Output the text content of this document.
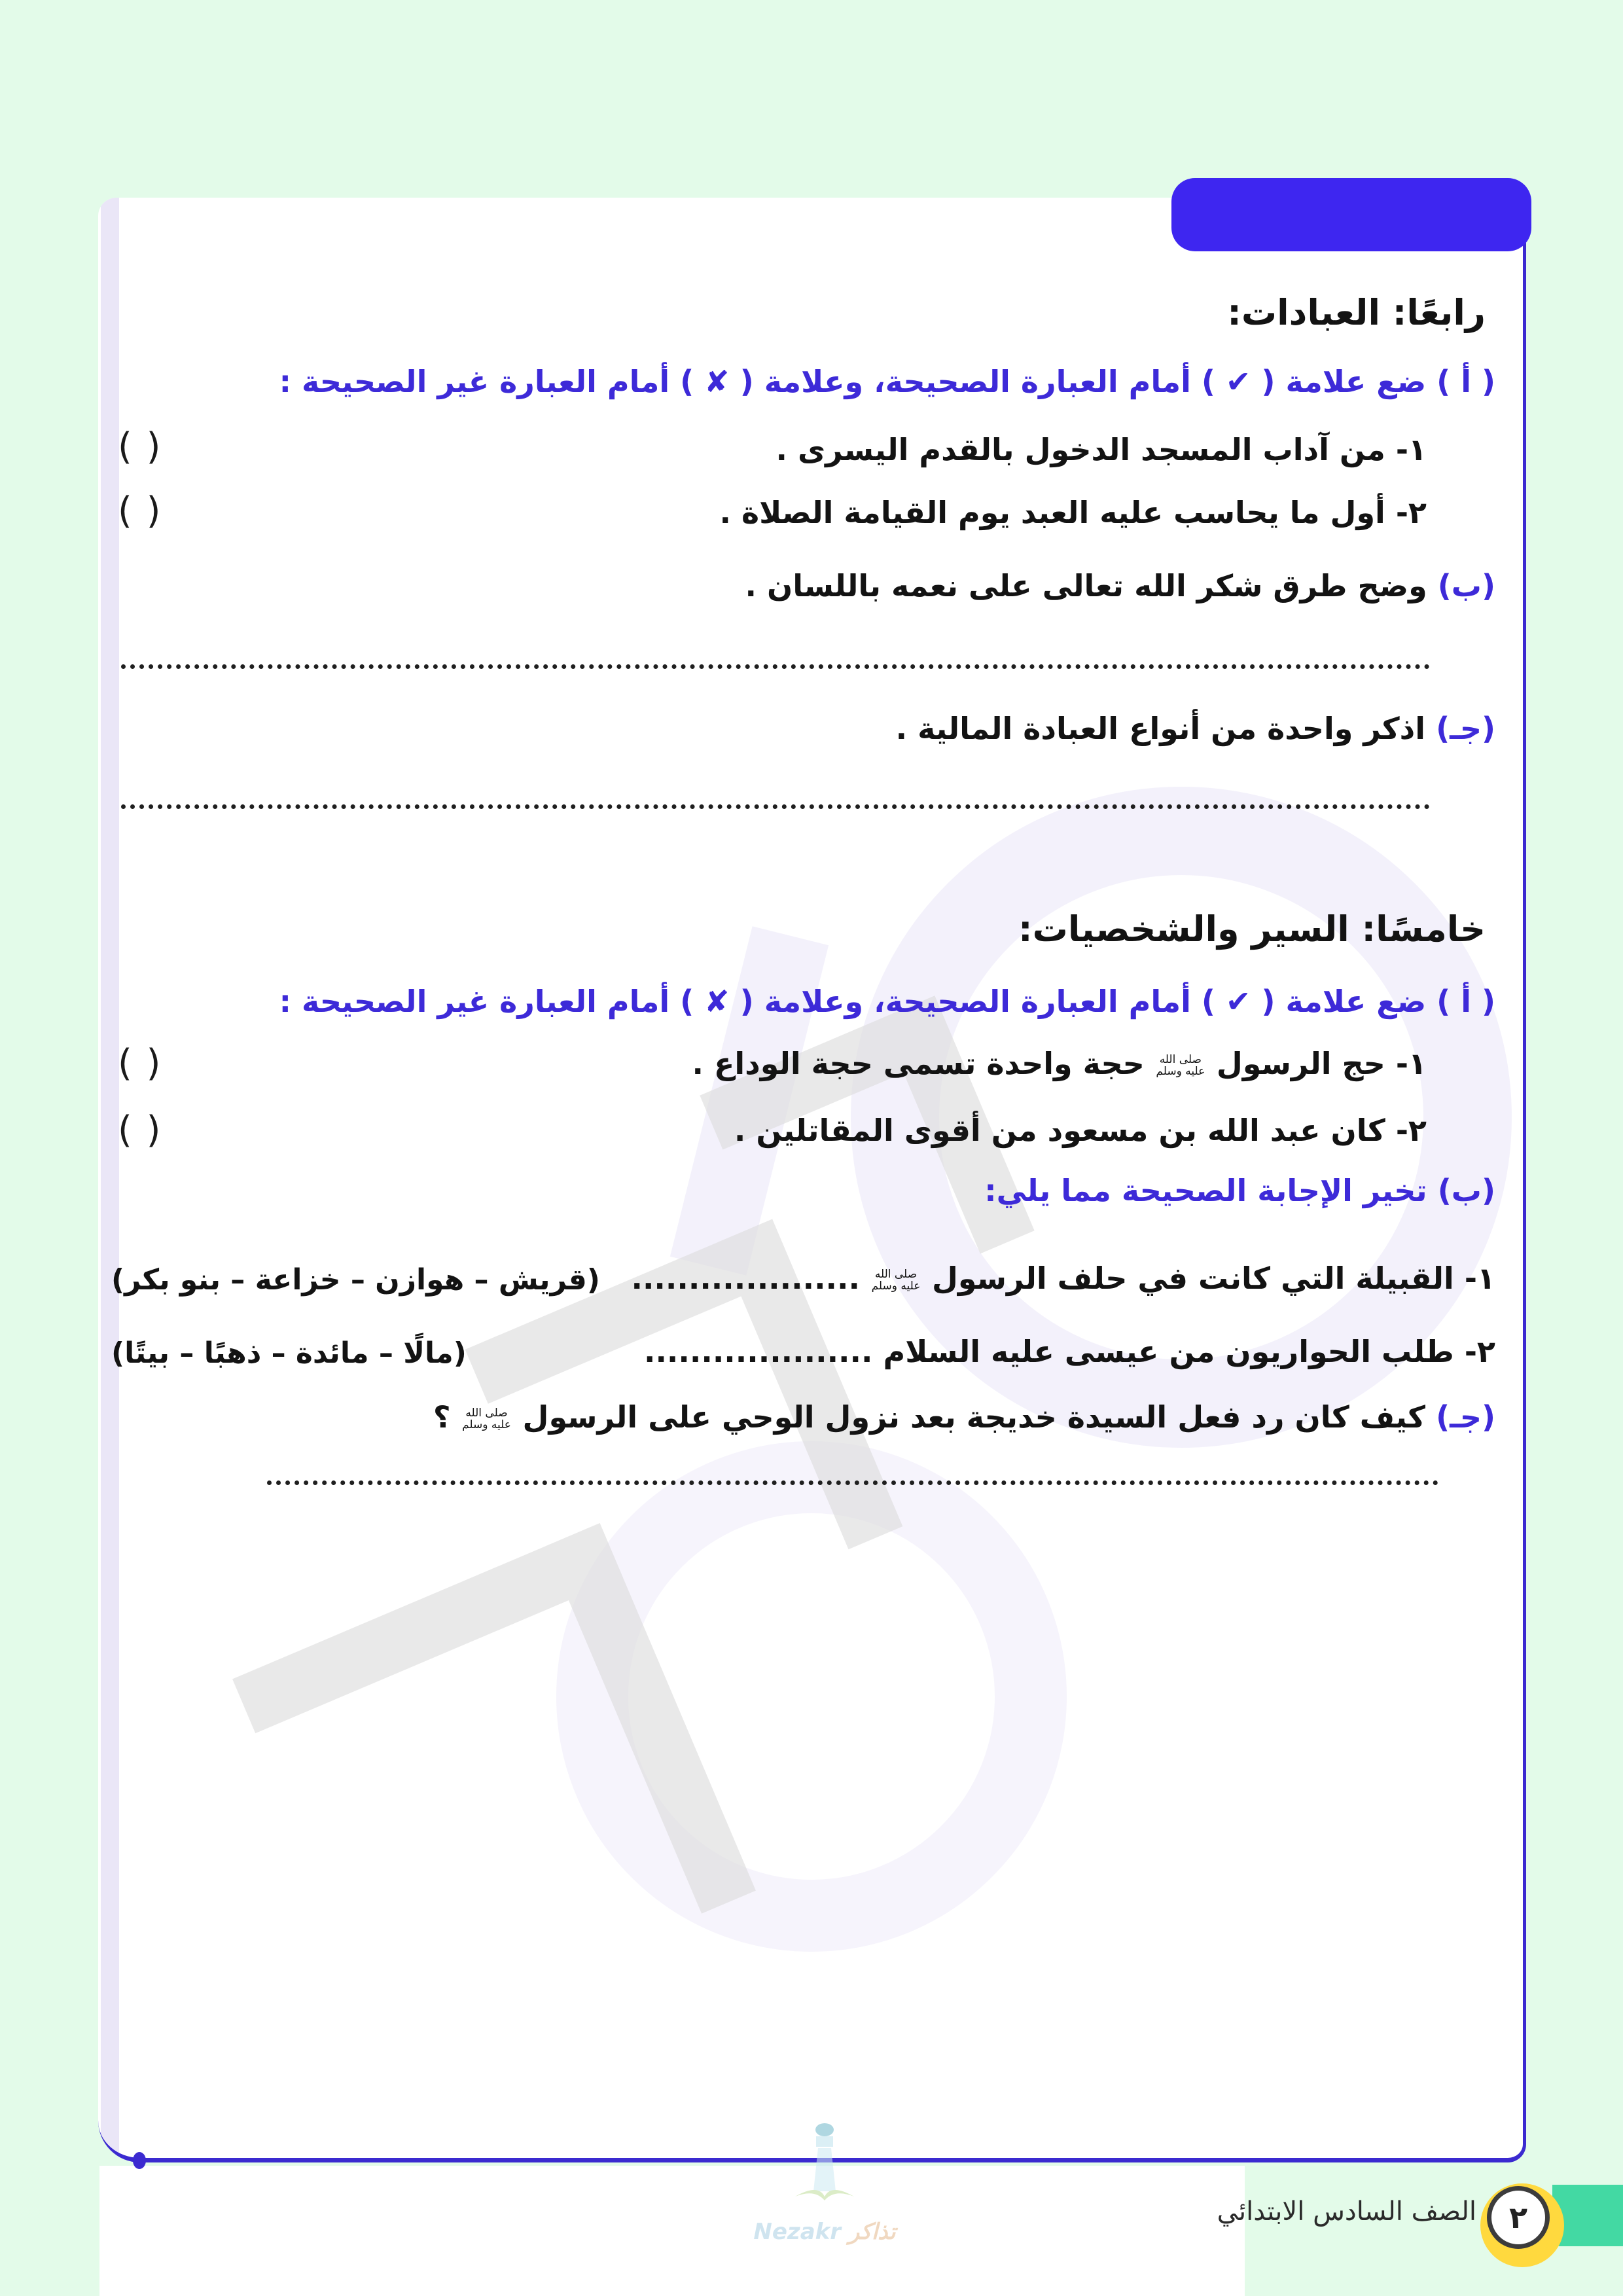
رابعًا: العبادات:
( أ ) ضع علامة ( ✔ ) أمام العبارة الصحيحة، وعلامة ( ✘ ) أمام العبارة غير الصحيحة :
١- من آداب المسجد الدخول بالقدم اليسرى .
( )
٢- أول ما يحاسب عليه العبد يوم القيامة الصلاة .
( )
(ب) وضح طرق شكر الله تعالى على نعمه باللسان .
(جـ) اذكر واحدة من أنواع العبادة المالية .
خامسًا: السير والشخصيات:
( أ ) ضع علامة ( ✔ ) أمام العبارة الصحيحة، وعلامة ( ✘ ) أمام العبارة غير الصحيحة :
١- حج الرسول
صلى الله
عليه وسلم
حجة واحدة تسمى حجة الوداع .
( )
٢- كان عبد الله بن مسعود من أقوى المقاتلين .
( )
(ب) تخير الإجابة الصحيحة مما يلي:
١- القبيلة التي كانت في حلف الرسول
صلى الله
عليه وسلم
....................
(قريش – هوازن – خزاعة – بنو بكر)
٢- طلب الحواريون من عيسى عليه السلام ....................
(مالًا – مائدة – ذهبًا – بيتًا)
(جـ) كيف كان رد فعل السيدة خديجة بعد نزول الوحي على الرسول
صلى الله
عليه وسلم
؟
تذاكر Nezakr
الصف السادس الابتدائي ٢
